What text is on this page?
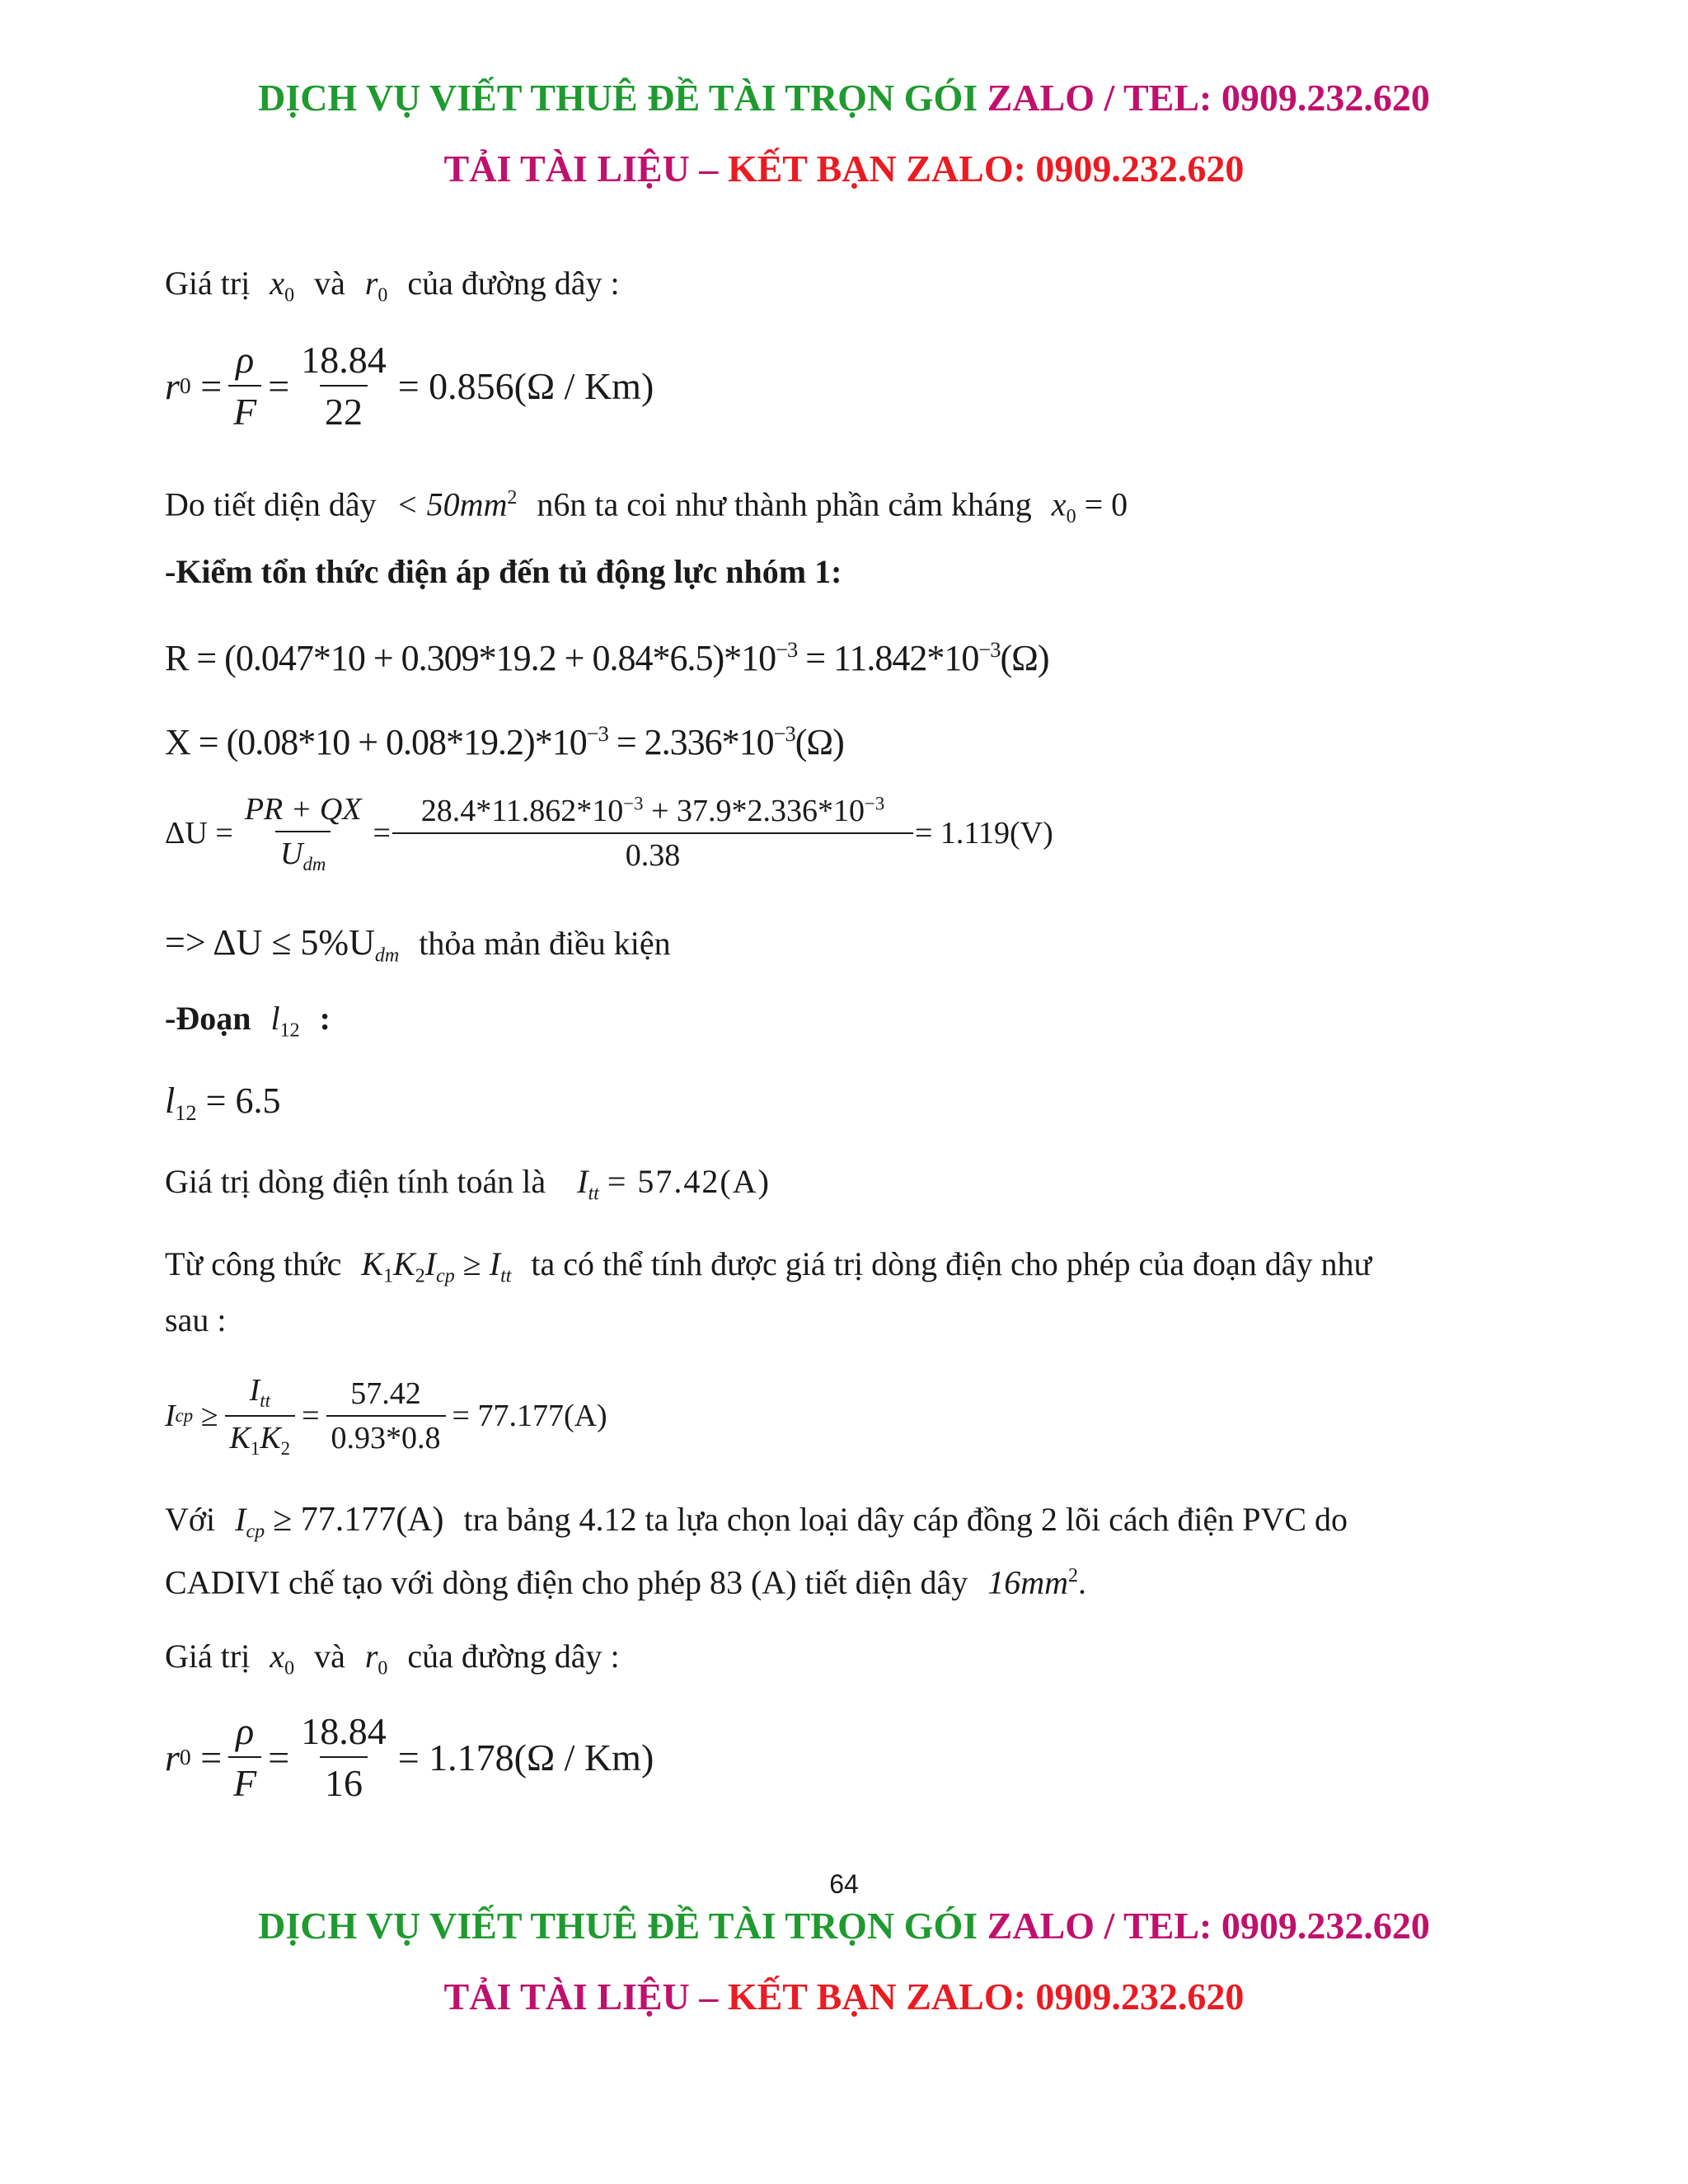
DỊCH VỤ VIẾT THUÊ ĐỀ TÀI TRỌN GÓI ZALO / TEL: 0909.232.620
TẢI TÀI LIỆU – KẾT BẠN ZALO: 0909.232.620
Giá trị $x_0$ và $r_0$ của đường dây :
r $0 = \frac{\rho}{F} = \frac{18.84}{22} = 0.856(\Omega / Km)$
Do tiết diện dây < $50mm^2$ n6n ta coi như thành phần cảm kháng $x_0 = 0$
-Kiểm tổn thức điện áp đến tủ động lực nhóm 1:
$R = (0.047*10 + 0.309*19.2 + 0.84*6.5)*10^{-3} = 11.842*10^{-3}(\Omega)$
$X = (0.08*10 + 0.08*19.2)*10^{-3} = 2.336*10^{-3}(\Omega)$
$\Delta U = \frac{PR + QX}{U_{dm}} = \frac{28.4*11.862*10^{-3} + 37.9*2.336*10^{-3}}{0.38} = 1.119(V)$
=> $\Delta U \le 5\%U_{dm}$ thỏa mản điều kiện
-Đoạn $l_{12}$ :
$l_{12} = 6.5$
Giá trị dòng điện tính toán là $I_{tt} = 57.42(A)$
Từ công thức $K_1K_2I_{cp} \ge I_{tt}$ ta có thể tính được giá trị dòng điện cho phép của đoạn dây như
sau :
I cp ≥ $\frac{I_{tt}}{K_1K_2} = \frac{57.42}{0.93*0.8} = 77.177(A)$
Với $I_{cp} \ge 77.177(A)$ tra bảng 4.12 ta lựa chọn loại dây cáp đồng 2 lõi cách điện PVC do
CADIVI chế tạo với dòng điện cho phép 83 (A) tiết diện dây $16mm^2$.
Giá trị $x_0$ và $r_0$ của đường dây :
r $0 = \frac{\rho}{F} = \frac{18.84}{16} = 1.178(\Omega / Km)$
64
DỊCH VỤ VIẾT THUÊ ĐỀ TÀI TRỌN GÓI ZALO / TEL: 0909.232.620
TẢI TÀI LIỆU – KẾT BẠN ZALO: 0909.232.620
